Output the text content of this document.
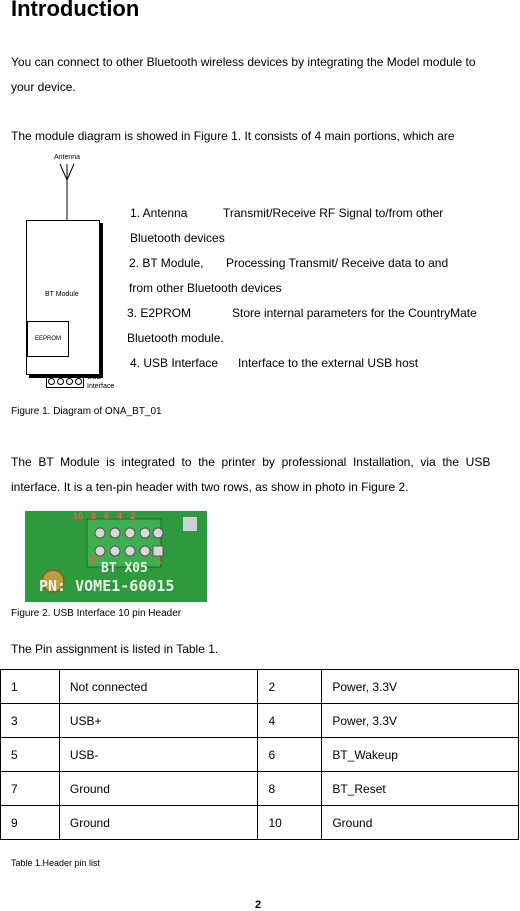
Introduction
You can connect to other Bluetooth wireless devices by integrating the Model module to
your device.
The module diagram is showed in Figure 1. It consists of 4 main portions, which are
Antenna
BT Module
EEPROM
USB
Interface
1. Antenna	Transmit/Receive RF Signal to/from other
Bluetooth devices
2. BT Module, Processing Transmit/ Receive data to and
from other Bluetooth devices
3. E2PROM	Store internal parameters for the CountryMate
Bluetooth module.
4. USB Interface Interface to the external USB host
Figure 1. Diagram of ONA_BT_01
The  BT  Module  is  integrated  to  the  printer  by  professional  Installation,  via  the  USB
interface. It is a ten-pin header with two rows, as show in photo in Figure 2.
10 8 6 4 2
9	1
BT X05
PN: VOME1-60015
Figure 2. USB Interface 10 pin Header
The Pin assignment is listed in Table 1.
1	Not connected	2	Power, 3.3V
3	USB+	4	Power, 3.3V
5	USB-	6	BT_Wakeup
7	Ground	8	BT_Reset
9	Ground	10	Ground
Table 1.Header pin list
2
